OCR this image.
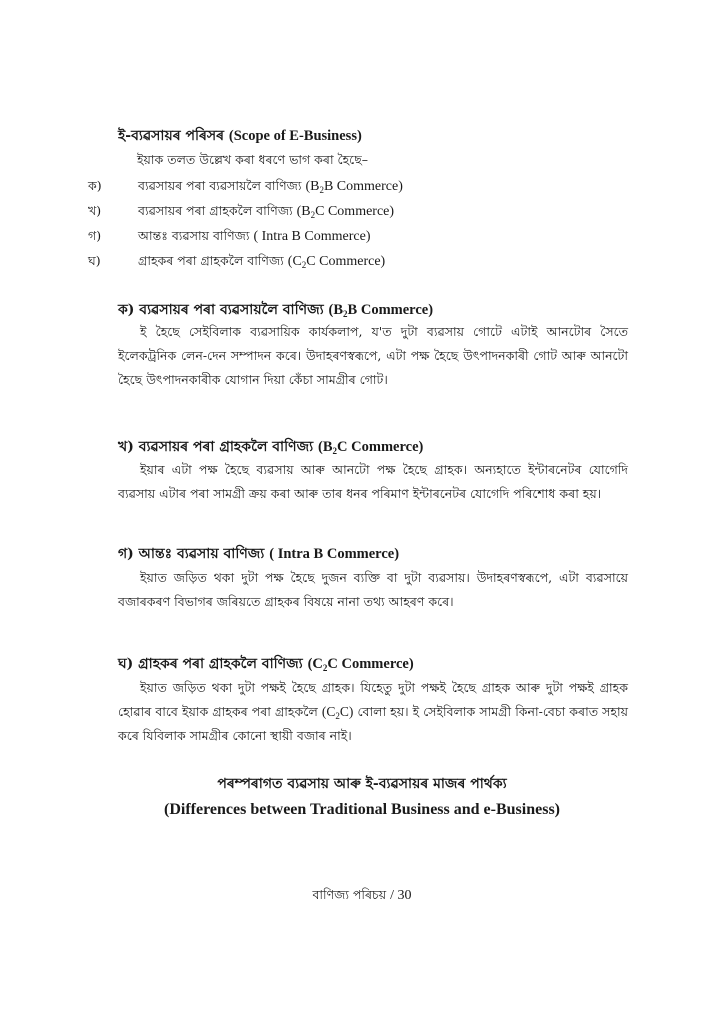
ই-ব্যৱসায়ৰ পৰিসৰ (Scope of E-Business)
ইয়াক তলত উল্লেখ কৰা ধৰণে ভাগ কৰা হৈছে–
ক)	ব্যৱসায়ৰ পৰা ব্যৱসায়লৈ বাণিজ্য ($B_2B$ Commerce)
খ)	ব্যৱসায়ৰ পৰা গ্ৰাহকলৈ বাণিজ্য ($B_2C$ Commerce)
গ)	আন্তঃ ব্যৱসায় বাণিজ্য ( Intra B Commerce)
ঘ)	গ্ৰাহকৰ পৰা গ্ৰাহকলৈ বাণিজ্য ($C_2C$ Commerce)
ক) ব্যৱসায়ৰ পৰা ব্যৱসায়লৈ বাণিজ্য ($B_2B$ Commerce)
ই হৈছে সেইবিলাক ব্যৱসায়িক কাৰ্যকলাপ, য'ত দুটা ব্যৱসায় গোটে এটাই আনটোৰ সৈতে ইলেকট্ৰনিক লেন-দেন সম্পাদন কৰে। উদাহৰণস্বৰূপে, এটা পক্ষ হৈছে উৎপাদনকাৰী গোট আৰু আনটো হৈছে উৎপাদনকাৰীক যোগান দিয়া কেঁচা সামগ্ৰীৰ গোট।
খ) ব্যৱসায়ৰ পৰা গ্ৰাহকলৈ বাণিজ্য ($B_2C$ Commerce)
ইয়াৰ এটা পক্ষ হৈছে ব্যৱসায় আৰু আনটো পক্ষ হৈছে গ্ৰাহক। অন্যহাতে ইন্টাৰনেটৰ যোগেদি ব্যৱসায় এটাৰ পৰা সামগ্ৰী ক্ৰয় কৰা আৰু তাৰ ধনৰ পৰিমাণ ইন্টাৰনেটৰ যোগেদি পৰিশোধ কৰা হয়।
গ) আন্তঃ ব্যৱসায় বাণিজ্য ( Intra B Commerce)
ইয়াত জড়িত থকা দুটা পক্ষ হৈছে দুজন ব্যক্তি বা দুটা ব্যৱসায়। উদাহৰণস্বৰূপে, এটা ব্যৱসায়ে বজাৰকৰণ বিভাগৰ জৰিয়তে গ্ৰাহকৰ বিষয়ে নানা তথ্য আহৰণ কৰে।
ঘ) গ্ৰাহকৰ পৰা গ্ৰাহকলৈ বাণিজ্য ($C_2C$ Commerce)
ইয়াত জড়িত থকা দুটা পক্ষই হৈছে গ্ৰাহক। যিহেতু দুটা পক্ষই হৈছে গ্ৰাহক আৰু দুটা পক্ষই গ্ৰাহক হোৱাৰ বাবে ইয়াক গ্ৰাহকৰ পৰা গ্ৰাহকলৈ $(C_2C)$ বোলা হয়। ই সেইবিলাক সামগ্ৰী কিনা-বেচা কৰাত সহায় কৰে যিবিলাক সামগ্ৰীৰ কোনো স্থায়ী বজাৰ নাই।
পৰম্পৰাগত ব্যৱসায় আৰু ই-ব্যৱসায়ৰ মাজৰ পাৰ্থক্য
(Differences between Traditional Business and e-Business)
বাণিজ্য পৰিচয় / 30
